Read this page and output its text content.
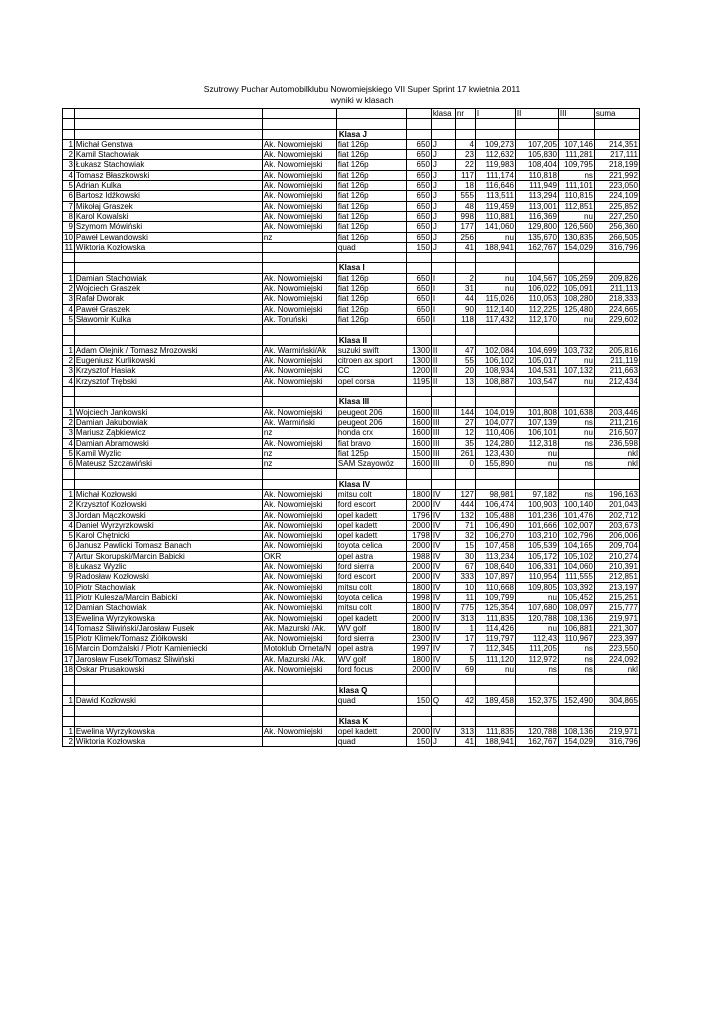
Szutrowy Puchar Automobilklubu Nowomiejskiego VII Super Sprint 17 kwietnia 2011
wyniki w klasach
					klasa	nr	I	II	III	suma

			Klasa J							
1	Michał Genstwa	Ak. Nowomiejski	fiat 126p	650	J	4	109,273	107,205	107,146	214,351
2	Kamil Stachowiak	Ak. Nowomiejski	fiat 126p	650	J	23	112,632	105,830	111,281	217,111
3	Łukasz Stachowiak	Ak. Nowomiejski	fiat 126p	650	J	22	119,983	108,404	109,795	218,199
4	Tomasz Błaszkowski	Ak. Nowomiejski	fiat 126p	650	J	117	111,174	110,818	ns	221,992
5	Adrian Kulka	Ak. Nowomiejski	fiat 126p	650	J	18	116,646	111,949	111,101	223,050
6	Bartosz Idźkowski	Ak. Nowomiejski	fiat 126p	650	J	555	113,511	113,294	110,815	224,109
7	Mikołaj Graszek	Ak. Nowomiejski	fiat 126p	650	J	48	119,459	113,001	112,851	225,852
8	Karol Kowalski	Ak. Nowomiejski	fiat 126p	650	J	998	110,881	116,369	nu	227,250
9	Szymom Mówiński	Ak. Nowomiejski	fiat 126p	650	J	177	141,060	129,800	126,560	256,360
10	Paweł Lewandowski	nz	fiat 126p	650	J	256	nu	135,670	130,835	266,505
11	Wiktoria Kozłowska		quad	150	J	41	188,941	162,767	154,029	316,796

			Klasa I							
1	Damian Stachowiak	Ak. Nowomiejski	fiat 126p	650	I	2	nu	104,567	105,259	209,826
2	Wojciech Graszek	Ak. Nowomiejski	fiat 126p	650	I	31	nu	106,022	105,091	211,113
3	Rafał Dworak	Ak. Nowomiejski	fiat 126p	650	I	44	115,026	110,053	108,280	218,333
4	Paweł Graszek	Ak. Nowomiejski	fiat 126p	650	I	90	112,140	112,225	125,480	224,665
5	Sławomir Kulka	Ak. Toruński	fiat 126p	650	I	118	117,432	112,170	nu	229,602

			Klasa II							
1	Adam Olejnik / Tomasz Mrozowski	Ak. Warmiński/Ak	suzuki swift	1300	II	47	102,084	104,699	103,732	205,816
2	Eugeniusz Kurlikowski	Ak. Nowomiejski	citroen ax sport	1300	II	55	106,102	105,017	nu	211,119
3	Krzysztof Hasiak	Ak. Nowomiejski	CC	1200	II	20	108,934	104,531	107,132	211,663
4	Krzysztof Trębski	Ak. Nowomiejski	opel corsa	1195	II	13	108,887	103,547	nu	212,434

			Klasa III							
1	Wojciech Jankowski	Ak. Nowomiejski	peugeot 206	1600	III	144	104,019	101,808	101,638	203,446
2	Damian Jakubowiak	Ak. Warmiński	peugeot 206	1600	III	27	104,077	107,139	ns	211,216
3	Mariusz Ząbkiewicz	nz	honda crx	1600	III	12	110,406	106,101	nu	216,507
4	Damian Abramowski	Ak. Nowomiejski	fiat bravo	1600	III	35	124,280	112,318	ns	236,598
5	Kamil Wyzlic	nz	fiat 125p	1500	III	261	123,430	nu		nkl
6	Mateusz Szczawiński	nz	SAM Szayowóz	1600	III	0	155,890	nu	ns	nkl

			Klasa IV							
1	Michał Kozłowski	Ak. Nowomiejski	mitsu colt	1800	IV	127	98,981	97,182	ns	196,163
2	Krzysztof Kozłowski	Ak. Nowomiejski	ford escort	2000	IV	444	106,474	100,903	100,140	201,043
3	Jordan Mączkowski	Ak. Nowomiejski	opel kadett	1796	IV	132	105,488	101,236	101,476	202,712
4	Daniel Wyrzyrzkowski	Ak. Nowomiejski	opel kadett	2000	IV	71	106,490	101,666	102,007	203,673
5	Karol Chętnicki	Ak. Nowomiejski	opel kadett	1798	IV	32	106,270	103,210	102,796	206,006
6	Janusz Pawlicki Tomasz Banach	Ak. Nowomiejski	toyota celica	2000	IV	15	107,458	105,539	104,165	209,704
7	Artur Skorupski/Marcin Babicki	OKR	opel astra	1988	IV	30	113,234	105,172	105,102	210,274
8	Łukasz Wyzlic	Ak. Nowomiejski	ford sierra	2000	IV	67	108,640	106,331	104,060	210,391
9	Radosław Kozłowski	Ak. Nowomiejski	ford escort	2000	IV	333	107,897	110,954	111,555	212,851
10	Piotr Stachowiak	Ak. Nowomiejski	mitsu colt	1800	IV	10	110,668	109,805	103,392	213,197
11	Piotr Kulesza/Marcin Babicki	Ak. Nowomiejski	toyota celica	1998	IV	11	109,799	nu	105,452	215,251
12	Damian Stachowiak	Ak. Nowomiejski	mitsu colt	1800	IV	775	125,354	107,680	108,097	215,777
13	Ewelina Wyrzykowska	Ak. Nowomiejski	opel kadett	2000	IV	313	111,835	120,788	108,136	219,971
14	Tomasz Śliwiński/Jarosław Fusek	Ak. Mazurski /Ak.	WV golf	1800	IV	1	114,426	nu	106,881	221,307
15	Piotr Klimek/Tomasz Ziółkowski	Ak. Nowomiejski	ford sierra	2300	IV	17	119,797	112,43	110,967	223,397
16	Marcin Domżalski / Piotr Kamieniecki	Motoklub Orneta/N	opel astra	1997	IV	7	112,345	111,205	ns	223,550
17	Jarosław Fusek/Tomasz Śliwiński	Ak. Mazurski /Ak.	WV golf	1800	IV	5	111,120	112,972	ns	224,092
18	Oskar Prusakowski	Ak. Nowomiejski	ford focus	2000	IV	69	nu	ns	ns	nkl

			klasa Q							
1	Dawid Kozłowski		quad	150	Q	42	189,458	152,375	152,490	304,865

			Klasa K							
1	Ewelina Wyrzykowska	Ak. Nowomiejski	opel kadett	2000	IV	313	111,835	120,788	108,136	219,971
2	Wiktoria Kozłowska		quad	150	J	41	188,941	162,767	154,029	316,796
